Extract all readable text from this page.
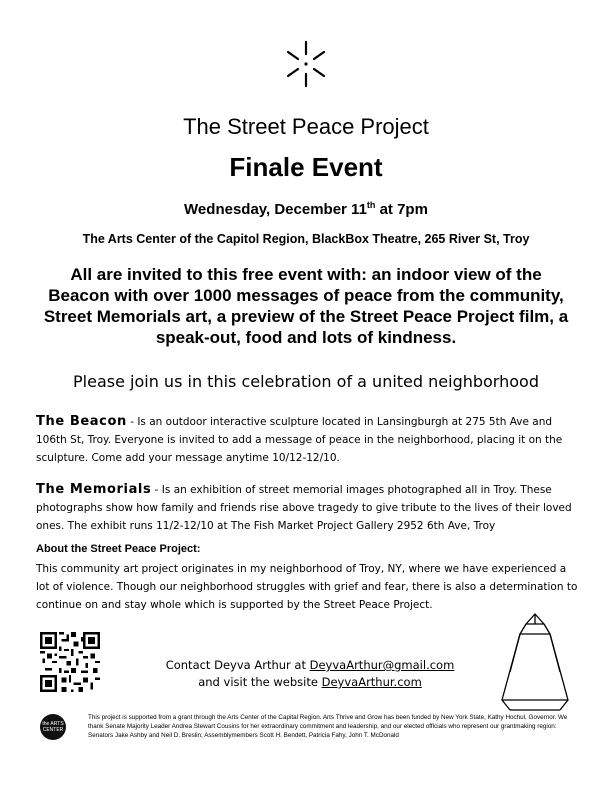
The Street Peace Project
Finale Event
Wednesday, December 11th at 7pm
The Arts Center of the Capitol Region, BlackBox Theatre, 265 River St, Troy
All are invited to this free event with: an indoor view of the Beacon with over 1000 messages of peace from the community, Street Memorials art, a preview of the Street Peace Project film, a speak-out, food and lots of kindness.
Please join us in this celebration of a united neighborhood
The Beacon - Is an outdoor interactive sculpture located in Lansingburgh at 275 5th Ave and 106th St, Troy. Everyone is invited to add a message of peace in the neighborhood, placing it on the sculpture. Come add your message anytime 10/12-12/10.
The Memorials - Is an exhibition of street memorial images photographed all in Troy. These photographs show how family and friends rise above tragedy to give tribute to the lives of their loved ones. The exhibit runs 11/2-12/10 at The Fish Market Project Gallery 2952 6th Ave, Troy
About the Street Peace Project:
This community art project originates in my neighborhood of Troy, NY, where we have experienced a lot of violence. Though our neighborhood struggles with grief and fear, there is also a determination to continue on and stay whole which is supported by the Street Peace Project.
Contact Deyva Arthur at DeyvaArthur@gmail.com
and visit the website DeyvaArthur.com
the ARTS CENTER
This project is supported from a grant through the Arts Center of the Capital Region. Arts Thrive and Grow has been funded by New York State, Kathy Hochul, Governor. We thank Senate Majority Leader Andrea Stewart Cousins for her extraordinary commitment and leadership, and our elected officials who represent our grantmaking region: Senators Jake Ashby and Neil D. Breslin; Assemblymembers Scott H. Bendett, Patricia Fahy, John T. McDonald
